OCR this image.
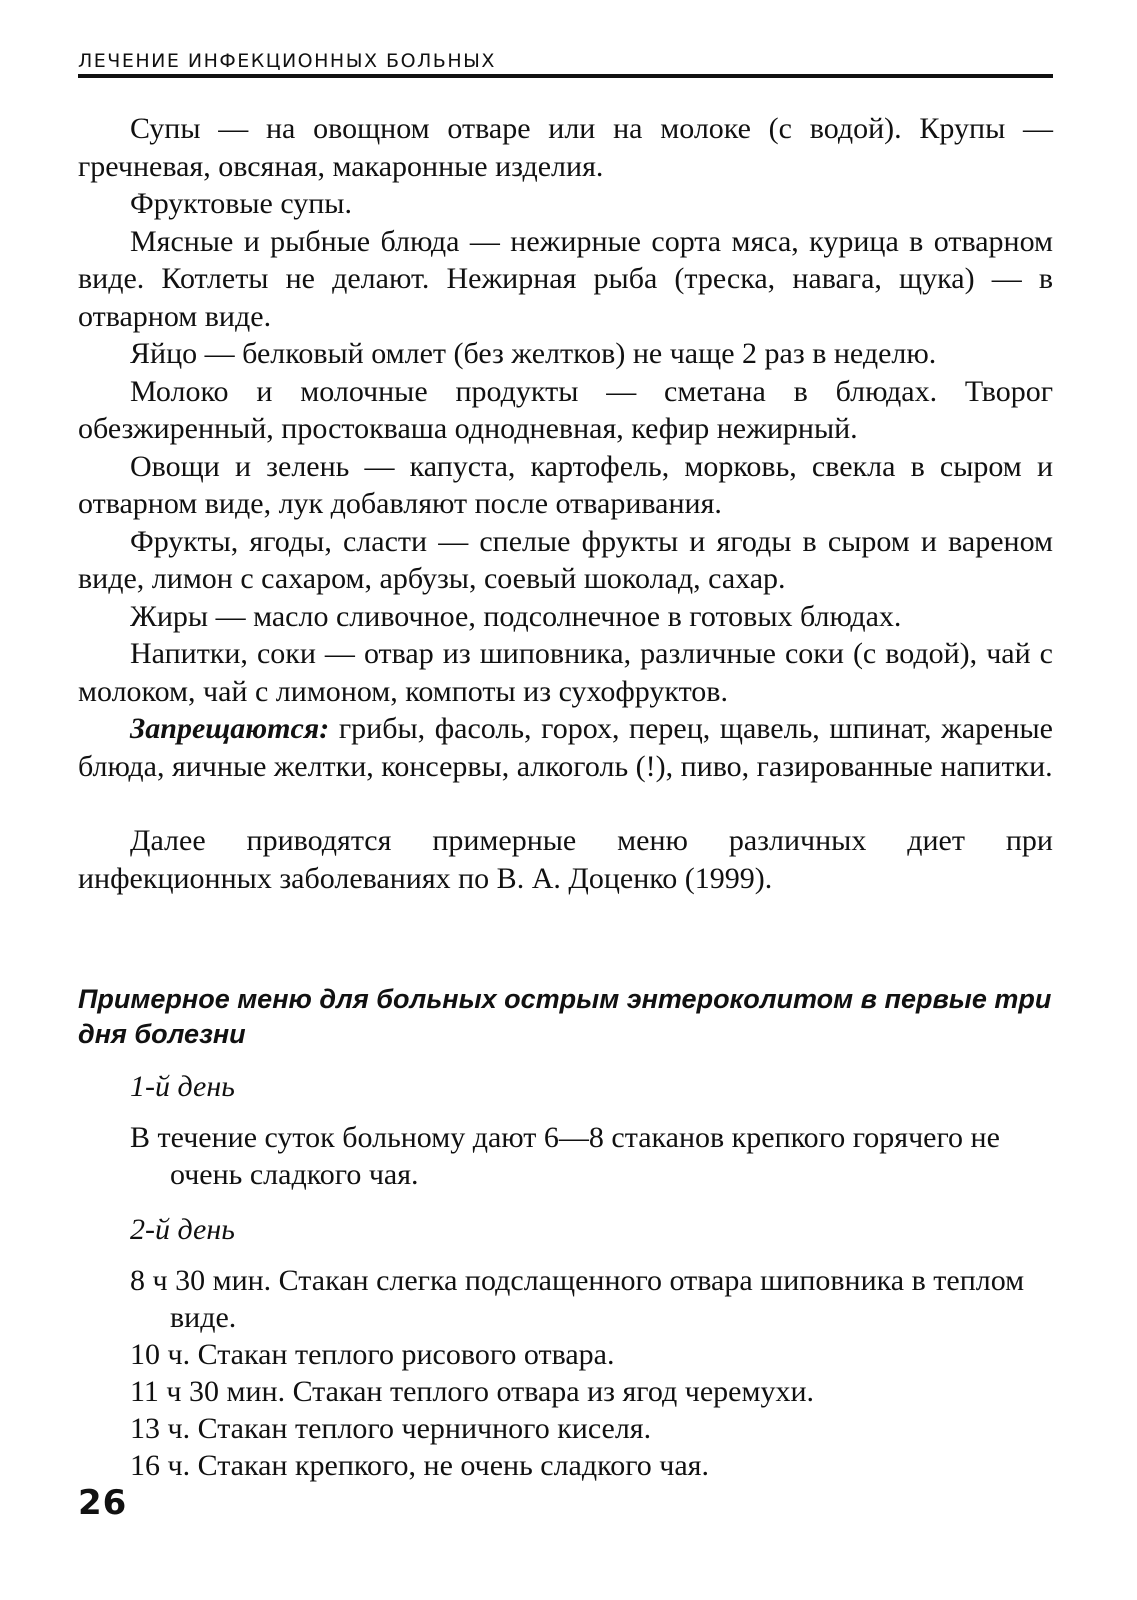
ЛЕЧЕНИЕ ИНФЕКЦИОННЫХ БОЛЬНЫХ

Супы — на овощном отваре или на молоке (с водой). Крупы — гречневая, овсяная, макаронные изделия.

Фруктовые супы.

Мясные и рыбные блюда — нежирные сорта мяса, курица в отварном виде. Котлеты не делают. Нежирная рыба (треска, навага, щука) — в отварном виде.

Яйцо — белковый омлет (без желтков) не чаще 2 раз в неделю.

Молоко и молочные продукты — сметана в блюдах. Творог обезжиренный, простокваша однодневная, кефир нежирный.

Овощи и зелень — капуста, картофель, морковь, свекла в сыром и отварном виде, лук добавляют после отваривания.

Фрукты, ягоды, сласти — спелые фрукты и ягоды в сыром и вареном виде, лимон с сахаром, арбузы, соевый шоколад, сахар.

Жиры — масло сливочное, подсолнечное в готовых блюдах.

Напитки, соки — отвар из шиповника, различные соки (с водой), чай с молоком, чай с лимоном, компоты из сухофруктов.

Запрещаются: грибы, фасоль, горох, перец, щавель, шпинат, жареные блюда, яичные желтки, консервы, алкоголь (!), пиво, газированные напитки.

Далее приводятся примерные меню различных диет при инфекционных заболеваниях по В. А. Доценко (1999).

Примерное меню для больных острым энтероколитом в первые три дня болезни

1-й день

В течение суток больному дают 6—8 стаканов крепкого горячего не очень сладкого чая.

2-й день

8 ч 30 мин. Стакан слегка подслащенного отвара шиповника в теплом виде.

10 ч. Стакан теплого рисового отвара.

11 ч 30 мин. Стакан теплого отвара из ягод черемухи.

13 ч. Стакан теплого черничного киселя.

16 ч. Стакан крепкого, не очень сладкого чая.

26
